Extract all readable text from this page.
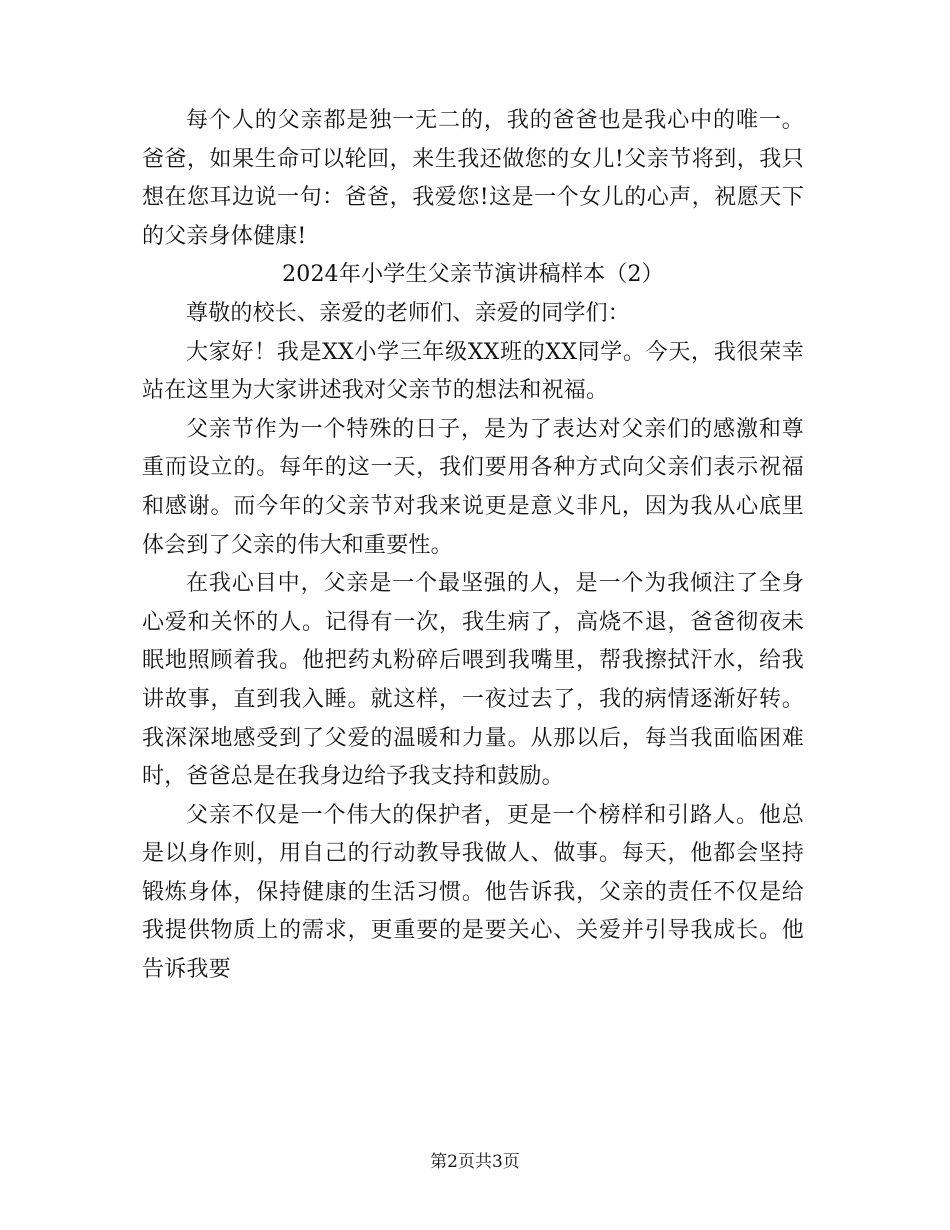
每个人的父亲都是独一无二的，我的爸爸也是我心中的唯一。爸爸，如果生命可以轮回，来生我还做您的女儿!父亲节将到，我只想在您耳边说一句：爸爸，我爱您!这是一个女儿的心声，祝愿天下的父亲身体健康!

2024年小学生父亲节演讲稿样本（2）

尊敬的校长、亲爱的老师们、亲爱的同学们：

大家好！我是XX小学三年级XX班的XX同学。今天，我很荣幸站在这里为大家讲述我对父亲节的想法和祝福。

父亲节作为一个特殊的日子，是为了表达对父亲们的感激和尊重而设立的。每年的这一天，我们要用各种方式向父亲们表示祝福和感谢。而今年的父亲节对我来说更是意义非凡，因为我从心底里体会到了父亲的伟大和重要性。

在我心目中，父亲是一个最坚强的人，是一个为我倾注了全身心爱和关怀的人。记得有一次，我生病了，高烧不退，爸爸彻夜未眠地照顾着我。他把药丸粉碎后喂到我嘴里，帮我擦拭汗水，给我讲故事，直到我入睡。就这样，一夜过去了，我的病情逐渐好转。我深深地感受到了父爱的温暖和力量。从那以后，每当我面临困难时，爸爸总是在我身边给予我支持和鼓励。

父亲不仅是一个伟大的保护者，更是一个榜样和引路人。他总是以身作则，用自己的行动教导我做人、做事。每天，他都会坚持锻炼身体，保持健康的生活习惯。他告诉我，父亲的责任不仅是给我提供物质上的需求，更重要的是要关心、关爱并引导我成长。他告诉我要

第2页共3页
